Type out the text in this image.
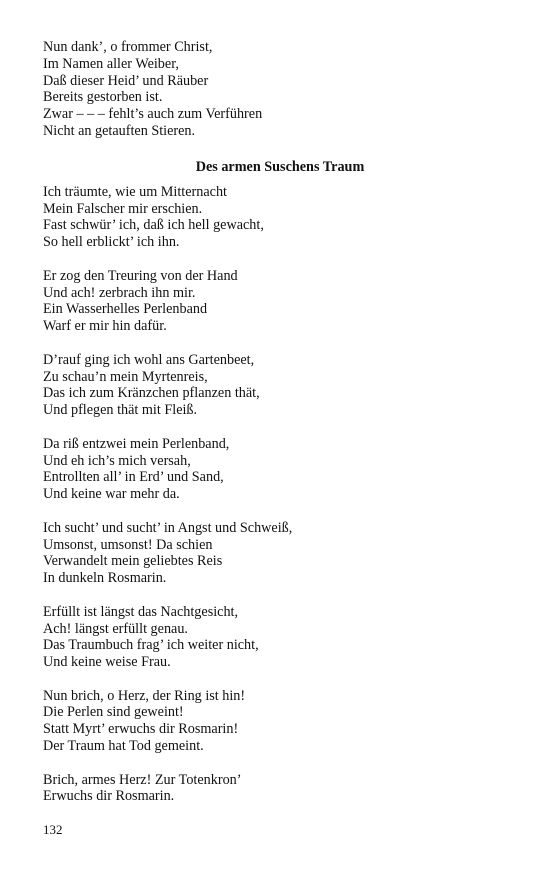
Nun dank’, o frommer Christ,
Im Namen aller Weiber,
Daß dieser Heid’ und Räuber
Bereits gestorben ist.
Zwar – – – fehlt’s auch zum Verführen
Nicht an getauften Stieren.
Des armen Suschens Traum
Ich träumte, wie um Mitternacht
Mein Falscher mir erschien.
Fast schwür’ ich, daß ich hell gewacht,
So hell erblickt’ ich ihn.
Er zog den Treuring von der Hand
Und ach! zerbrach ihn mir.
Ein Wasserhelles Perlenband
Warf er mir hin dafür.
D’rauf ging ich wohl ans Gartenbeet,
Zu schau’n mein Myrtenreis,
Das ich zum Kränzchen pflanzen thät,
Und pflegen thät mit Fleiß.
Da riß entzwei mein Perlenband,
Und eh ich’s mich versah,
Entrollten all’ in Erd’ und Sand,
Und keine war mehr da.
Ich sucht’ und sucht’ in Angst und Schweiß,
Umsonst, umsonst! Da schien
Verwandelt mein geliebtes Reis
In dunkeln Rosmarin.
Erfüllt ist längst das Nachtgesicht,
Ach! längst erfüllt genau.
Das Traumbuch frag’ ich weiter nicht,
Und keine weise Frau.
Nun brich, o Herz, der Ring ist hin!
Die Perlen sind geweint!
Statt Myrt’ erwuchs dir Rosmarin!
Der Traum hat Tod gemeint.
Brich, armes Herz! Zur Totenkron’
Erwuchs dir Rosmarin.
132
